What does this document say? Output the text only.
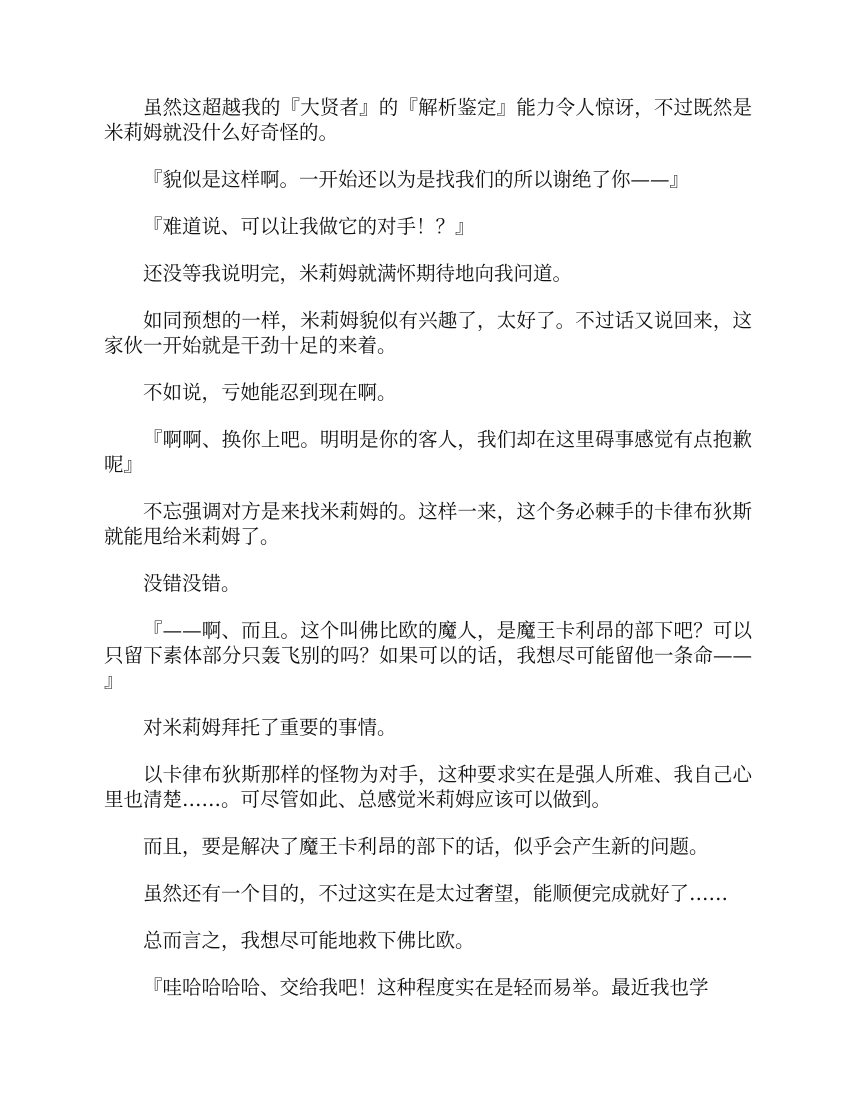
虽然这超越我的『大贤者』的『解析鉴定』能力令人惊讶，不过既然是米莉姆就没什么好奇怪的。

『貌似是这样啊。一开始还以为是找我们的所以谢绝了你——』

『难道说、可以让我做它的对手！？』

还没等我说明完，米莉姆就满怀期待地向我问道。

如同预想的一样，米莉姆貌似有兴趣了，太好了。不过话又说回来，这家伙一开始就是干劲十足的来着。

不如说，亏她能忍到现在啊。

『啊啊、换你上吧。明明是你的客人，我们却在这里碍事感觉有点抱歉呢』

不忘强调对方是来找米莉姆的。这样一来，这个务必棘手的卡律布狄斯就能甩给米莉姆了。

没错没错。

『——啊、而且。这个叫佛比欧的魔人，是魔王卡利昂的部下吧？可以只留下素体部分只轰飞别的吗？如果可以的话，我想尽可能留他一条命——』

对米莉姆拜托了重要的事情。

以卡律布狄斯那样的怪物为对手，这种要求实在是强人所难、我自己心里也清楚……。可尽管如此、总感觉米莉姆应该可以做到。

而且，要是解决了魔王卡利昂的部下的话，似乎会产生新的问题。

虽然还有一个目的，不过这实在是太过奢望，能顺便完成就好了……

总而言之，我想尽可能地救下佛比欧。

『哇哈哈哈哈、交给我吧！这种程度实在是轻而易举。最近我也学
